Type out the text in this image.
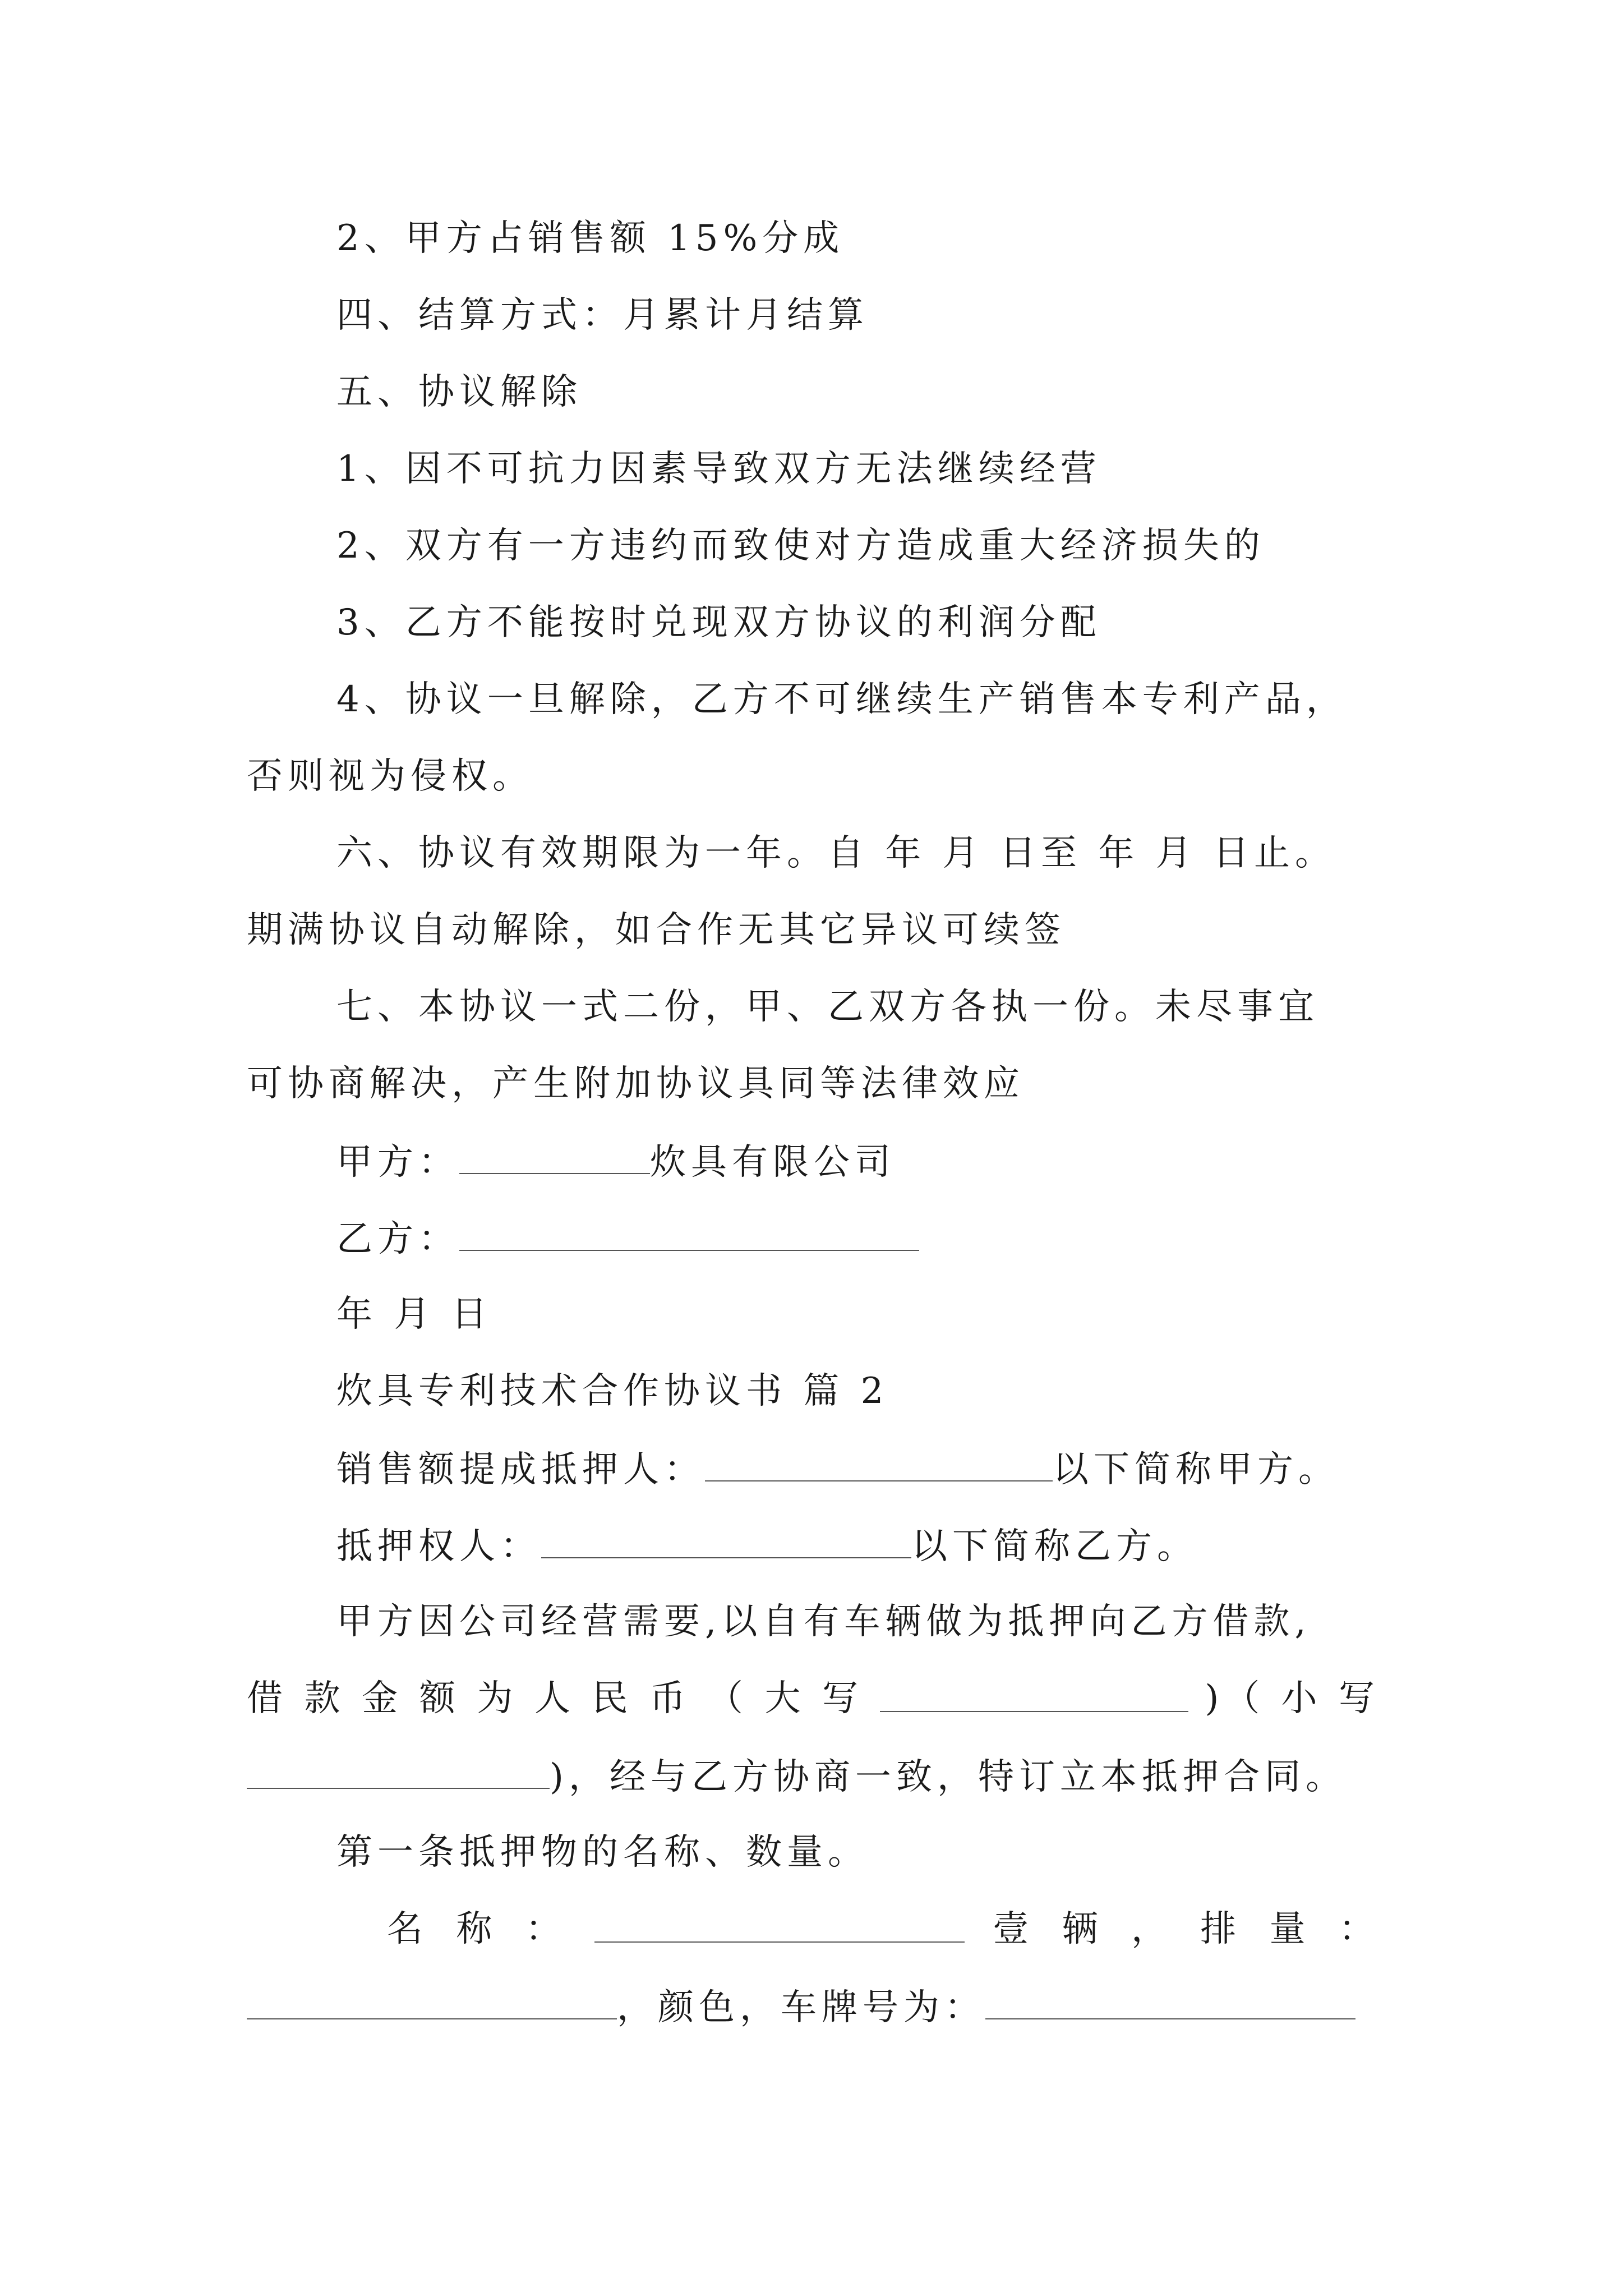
2、甲方占销售额 15%分成
四、结算方式：月累计月结算
五、协议解除
1、因不可抗力因素导致双方无法继续经营
2、双方有一方违约而致使对方造成重大经济损失的
3、乙方不能按时兑现双方协议的利润分配
4、协议一旦解除，乙方不可继续生产销售本专利产品，
否则视为侵权。
六、协议有效期限为一年。自 年 月 日至 年 月 日止。
期满协议自动解除，如合作无其它异议可续签
七、本协议一式二份，甲、乙双方各执一份。未尽事宜
可协商解决，产生附加协议具同等法律效应
甲方：	炊具有限公司
乙方：
年 月 日
炊具专利技术合作协议书 篇 2
销售额提成抵押人：	以下简称甲方。
抵押权人：	以下简称乙方。
甲方因公司经营需要,以自有车辆做为抵押向乙方借款,
借 款 金 额 为 人 民 币 （ 大 写	)（ 小 写
)，经与乙方协商一致，特订立本抵押合同。
第一条抵押物的名称、数量。
名 称 ：	壹 辆 ， 排 量 ：
，颜色，车牌号为：
